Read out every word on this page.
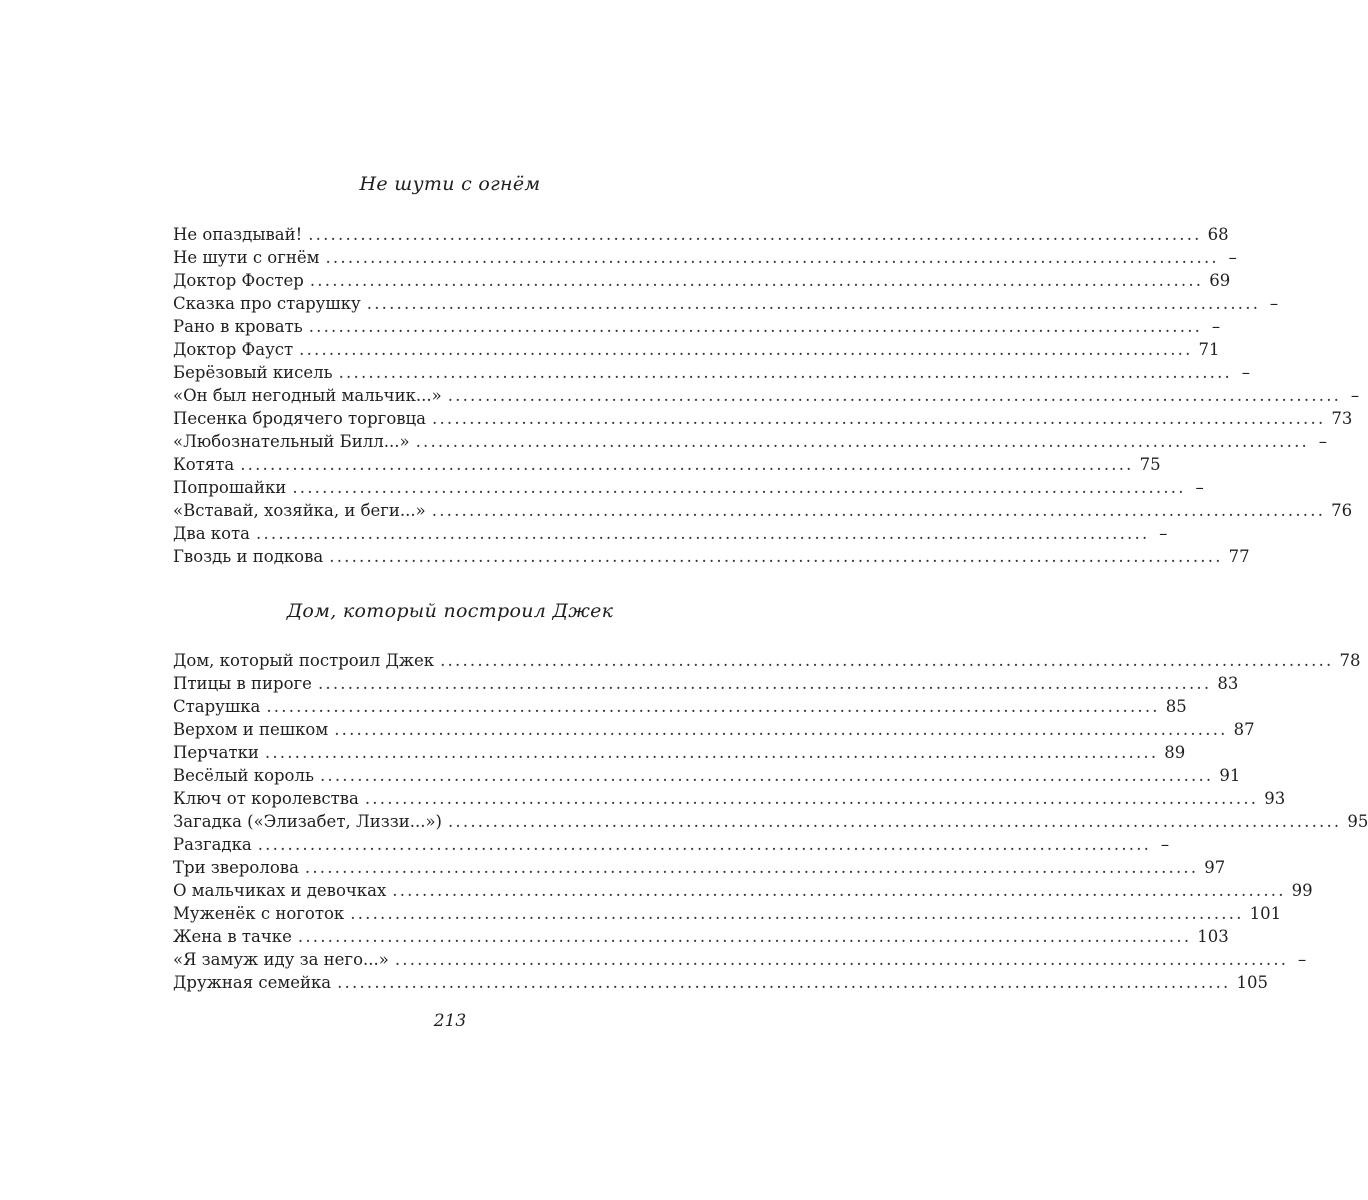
Не шути с огнём
Не опаздывай! ........................................................................................................................ 68
Не шути с огнём ........................................................................................................................ –
Доктор Фостер ........................................................................................................................ 69
Сказка про старушку ........................................................................................................................ –
Рано в кровать ........................................................................................................................ –
Доктор Фауст ........................................................................................................................ 71
Берёзовый кисель ........................................................................................................................ –
«Он был негодный мальчик...» ........................................................................................................................ –
Песенка бродячего торговца ........................................................................................................................ 73
«Любознательный Билл...» ........................................................................................................................ –
Котята ........................................................................................................................ 75
Попрошайки ........................................................................................................................ –
«Вставай, хозяйка, и беги...» ........................................................................................................................ 76
Два кота ........................................................................................................................ –
Гвоздь и подкова ........................................................................................................................ 77
Дом, который построил Джек
Дом, который построил Джек ........................................................................................................................ 78
Птицы в пироге ........................................................................................................................ 83
Старушка ........................................................................................................................ 85
Верхом и пешком ........................................................................................................................ 87
Перчатки ........................................................................................................................ 89
Весёлый король ........................................................................................................................ 91
Ключ от королевства ........................................................................................................................ 93
Загадка («Элизабет, Лиззи...») ........................................................................................................................ 95
Разгадка ........................................................................................................................ –
Три зверолова ........................................................................................................................ 97
О мальчиках и девочках ........................................................................................................................ 99
Муженёк с ноготок ........................................................................................................................ 101
Жена в тачке ........................................................................................................................ 103
«Я замуж иду за него...» ........................................................................................................................ –
Дружная семейка ........................................................................................................................ 105
213
